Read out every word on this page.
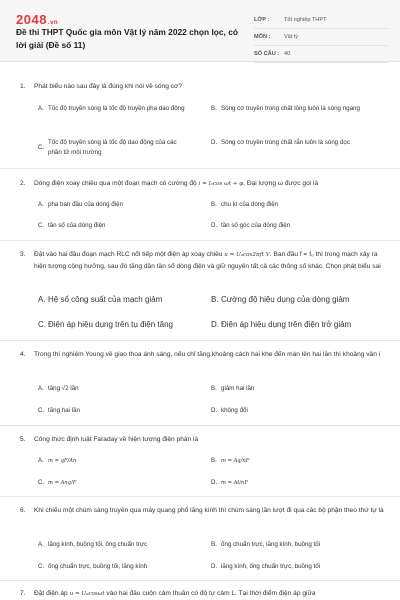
2048.vn
Đề thi THPT Quốc gia môn Vật lý năm 2022 chọn lọc, có lời giải (Đề số 11)
LỚP :	Tốt nghiệp THPT
MÔN :	Vật lý
SỐ CÂU : 40
1.	Phát biểu nào sau đây là đúng khi nói về sóng cơ?
A. Tốc độ truyền sóng là tốc độ truyền pha dao động	B. Sóng cơ truyền trong chất lỏng luôn là sóng ngang
C.
Tốc độ truyền sóng là tốc độ dao động của các phần tử môi trường
D. Sóng cơ truyền trong chất rắn luôn là sóng dọc
2.	Dòng điện xoay chiều qua một đoạn mạch có cường độ i = I₀cos ωt + φ. Đại lượng ω được gọi là
A. pha ban đầu của dòng điện	B. chu kì của dòng điện
C. tần số của dòng điện	D. tần số góc của dòng điện
3.	Đặt vào hai đầu đoạn mạch RLC nối tiếp một điện áp xoay chiều u = U₀cos2πft V. Ban đầu f = f₀ thì trong mạch xảy ra hiện tượng cộng hưởng, sau đó tăng dần tần số dòng điện và giữ nguyên tất cả các thông số khác. Chọn phát biểu sai
A. Hệ số công suất của mạch giảm	B. Cường độ hiệu dụng của dòng giảm
C. Điện áp hiệu dụng trên tụ điện tăng	D. Điện áp hiệu dụng trên điện trở giảm
4.	Trong thí nghiệm Young về giao thoa ánh sáng, nếu chỉ tăng khoảng cách hai khe đến màn lên hai lần thì khoảng vân i
A. tăng √2 lần	B. giảm hai lần
C. tăng hai lần	D. không đổi
5.	Công thức định luật Faraday về hiện tượng điện phân là
A. m = qF/An	B. m = Aq/nF
C. m = Anq/F	D. m = At/nF
6.	Khi chiếu một chùm sáng truyền qua máy quang phổ lăng kính thì chùm sáng lần lượt đi qua các bộ phận theo thứ tự là
A. lăng kính, buồng tối, ống chuẩn trực	B. ống chuẩn trực, lăng kính, buồng tối
C. ống chuẩn trực, buồng tối, lăng kính	D. lăng kính, ống chuẩn trực, buồng tối
7.	Đặt điện áp u = U₀cosωt vào hai đầu cuộn cảm thuần có độ tự cảm L. Tại thời điểm điện áp giữa
